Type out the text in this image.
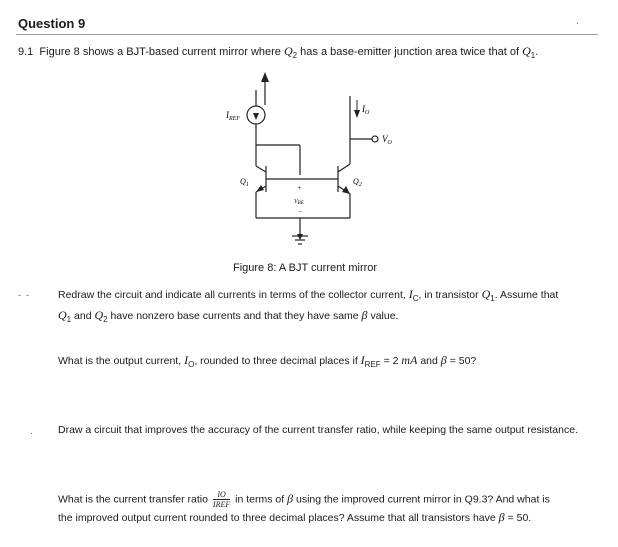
Question 9	·
9.1 Figure 8 shows a BJT-based current mirror where $Q_2$ has a base-emitter junction area twice that of $Q_1$.
$I_{REF}$
$I_O$
$V_O$
$Q_1$	$Q_2$
+
VBE
−
Figure 8: A BJT current mirror
-  -	Redraw the circuit and indicate all currents in terms of the collector current, $I_C$, in transistor $Q_1$. Assume that
$Q_1$ and $Q_2$ have nonzero base currents and that they have same β value.
What is the output current, $I_O$, rounded to three decimal places if $I_{REF} = 2$ mA and β = 50?
· Draw a circuit that improves the accuracy of the current transfer ratio, while keeping the same output resistance.
What is the current transfer ratio $\frac{IO}{\text{IREF}}$ in terms of β using the improved current mirror in Q9.3? And what is
the improved output current rounded to three decimal places? Assume that all transistors have β = 50.
